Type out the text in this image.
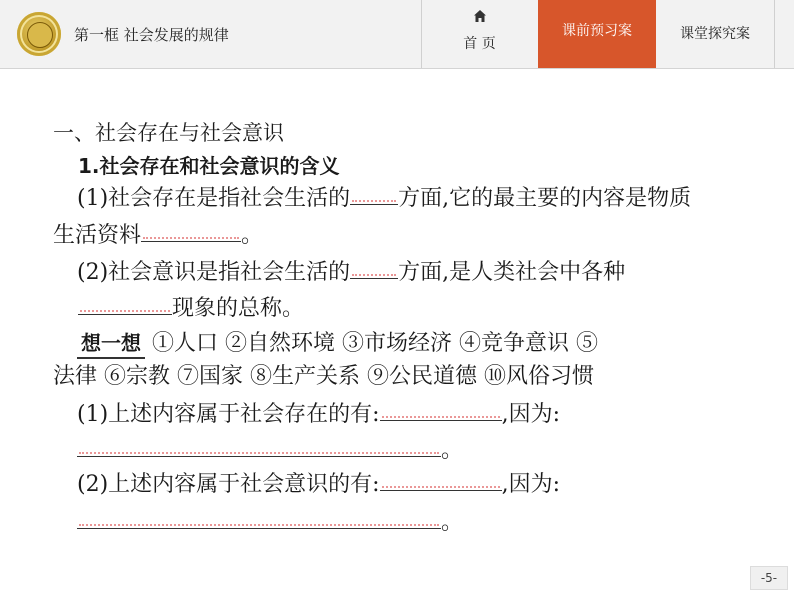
第一框 社会发展的规律	首 页
课前预习案	课堂探究案
一、社会存在与社会意识
1.社会存在和社会意识的含义
(1)社会存在是指社会生活的 方面,它的最主要的内容是物质
生活资料	。
(2)社会意识是指社会生活的 方面,是人类社会中各种
现象的总称。
想一想 ①人口 ②自然环境 ③市场经济 ④竞争意识 ⑤
法律 ⑥宗教 ⑦国家 ⑧生产关系 ⑨公民道德 ⑩风俗习惯
(1)上述内容属于社会存在的有:	,因为:
。
(2)上述内容属于社会意识的有:	,因为:
。
-5-
